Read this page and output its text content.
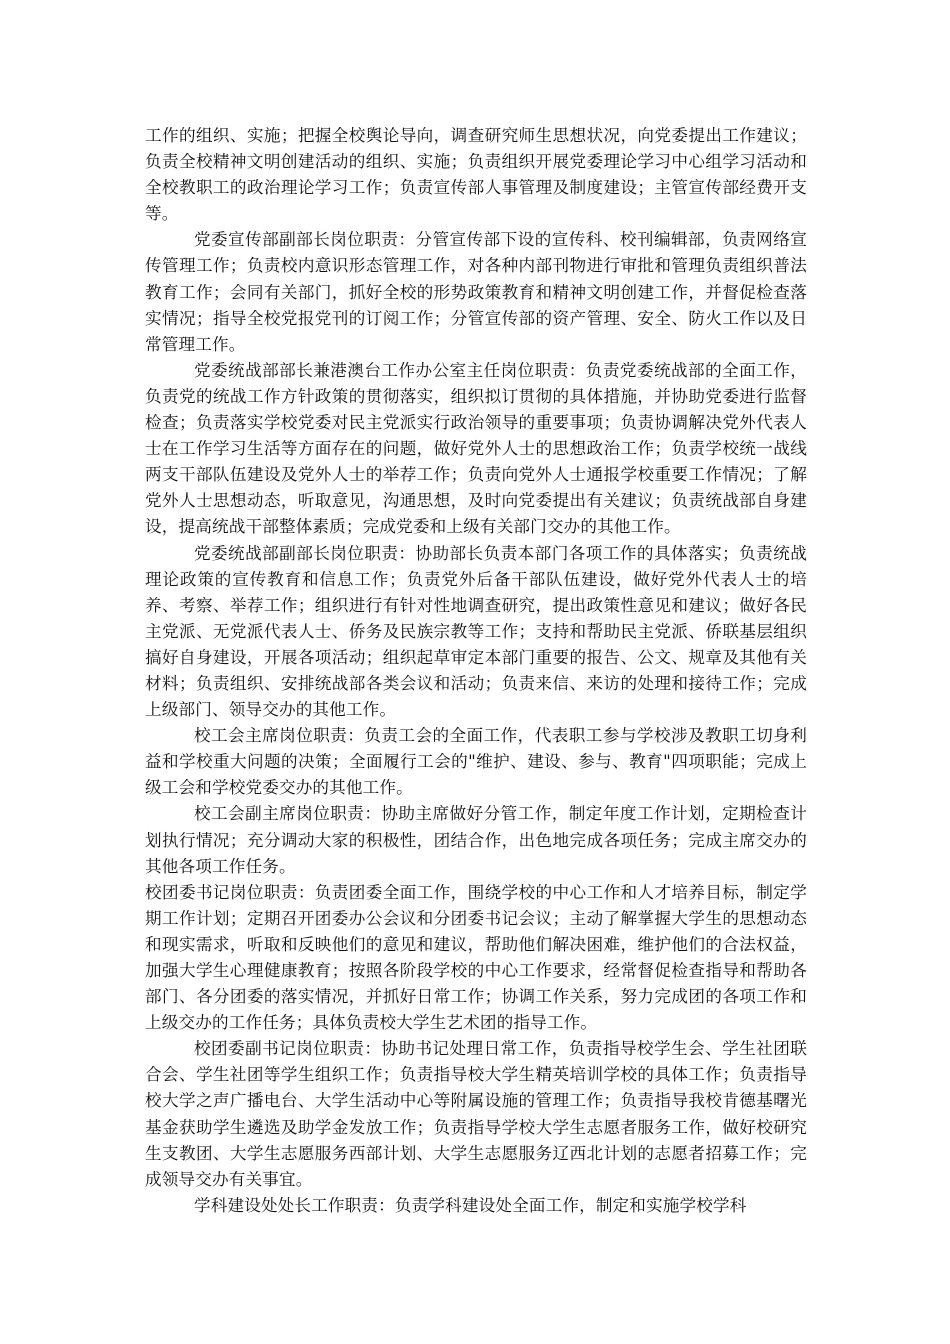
工作的组织、实施；把握全校舆论导向，调查研究师生思想状况，向党委提出工作建议；负责全校精神文明创建活动的组织、实施；负责组织开展党委理论学习中心组学习活动和全校教职工的政治理论学习工作；负责宣传部人事管理及制度建设；主管宣传部经费开支等。

党委宣传部副部长岗位职责：分管宣传部下设的宣传科、校刊编辑部，负责网络宣传管理工作；负责校内意识形态管理工作，对各种内部刊物进行审批和管理负责组织普法教育工作；会同有关部门，抓好全校的形势政策教育和精神文明创建工作，并督促检查落实情况；指导全校党报党刊的订阅工作；分管宣传部的资产管理、安全、防火工作以及日常管理工作。

党委统战部部长兼港澳台工作办公室主任岗位职责：负责党委统战部的全面工作，负责党的统战工作方针政策的贯彻落实，组织拟订贯彻的具体措施，并协助党委进行监督检查；负责落实学校党委对民主党派实行政治领导的重要事项；负责协调解决党外代表人士在工作学习生活等方面存在的问题，做好党外人士的思想政治工作；负责学校统一战线两支干部队伍建设及党外人士的举荐工作；负责向党外人士通报学校重要工作情况；了解党外人士思想动态，听取意见，沟通思想，及时向党委提出有关建议；负责统战部自身建设，提高统战干部整体素质；完成党委和上级有关部门交办的其他工作。

党委统战部副部长岗位职责：协助部长负责本部门各项工作的具体落实；负责统战理论政策的宣传教育和信息工作；负责党外后备干部队伍建设，做好党外代表人士的培养、考察、举荐工作；组织进行有针对性地调查研究，提出政策性意见和建议；做好各民主党派、无党派代表人士、侨务及民族宗教等工作；支持和帮助民主党派、侨联基层组织搞好自身建设，开展各项活动；组织起草审定本部门重要的报告、公文、规章及其他有关材料；负责组织、安排统战部各类会议和活动；负责来信、来访的处理和接待工作；完成上级部门、领导交办的其他工作。

校工会主席岗位职责：负责工会的全面工作，代表职工参与学校涉及教职工切身利益和学校重大问题的决策；全面履行工会的"维护、建设、参与、教育"四项职能；完成上级工会和学校党委交办的其他工作。

校工会副主席岗位职责：协助主席做好分管工作，制定年度工作计划，定期检查计划执行情况；充分调动大家的积极性，团结合作，出色地完成各项任务；完成主席交办的其他各项工作任务。

校团委书记岗位职责：负责团委全面工作，围绕学校的中心工作和人才培养目标，制定学期工作计划；定期召开团委办公会议和分团委书记会议；主动了解掌握大学生的思想动态和现实需求，听取和反映他们的意见和建议，帮助他们解决困难，维护他们的合法权益，加强大学生心理健康教育；按照各阶段学校的中心工作要求，经常督促检查指导和帮助各部门、各分团委的落实情况，并抓好日常工作；协调工作关系，努力完成团的各项工作和上级交办的工作任务；具体负责校大学生艺术团的指导工作。

校团委副书记岗位职责：协助书记处理日常工作，负责指导校学生会、学生社团联合会、学生社团等学生组织工作；负责指导校大学生精英培训学校的具体工作；负责指导校大学之声广播电台、大学生活动中心等附属设施的管理工作；负责指导我校肯德基曙光基金获助学生遴选及助学金发放工作；负责指导学校大学生志愿者服务工作，做好校研究生支教团、大学生志愿服务西部计划、大学生志愿服务辽西北计划的志愿者招募工作；完成领导交办有关事宜。

学科建设处处长工作职责：负责学科建设处全面工作，制定和实施学校学科
